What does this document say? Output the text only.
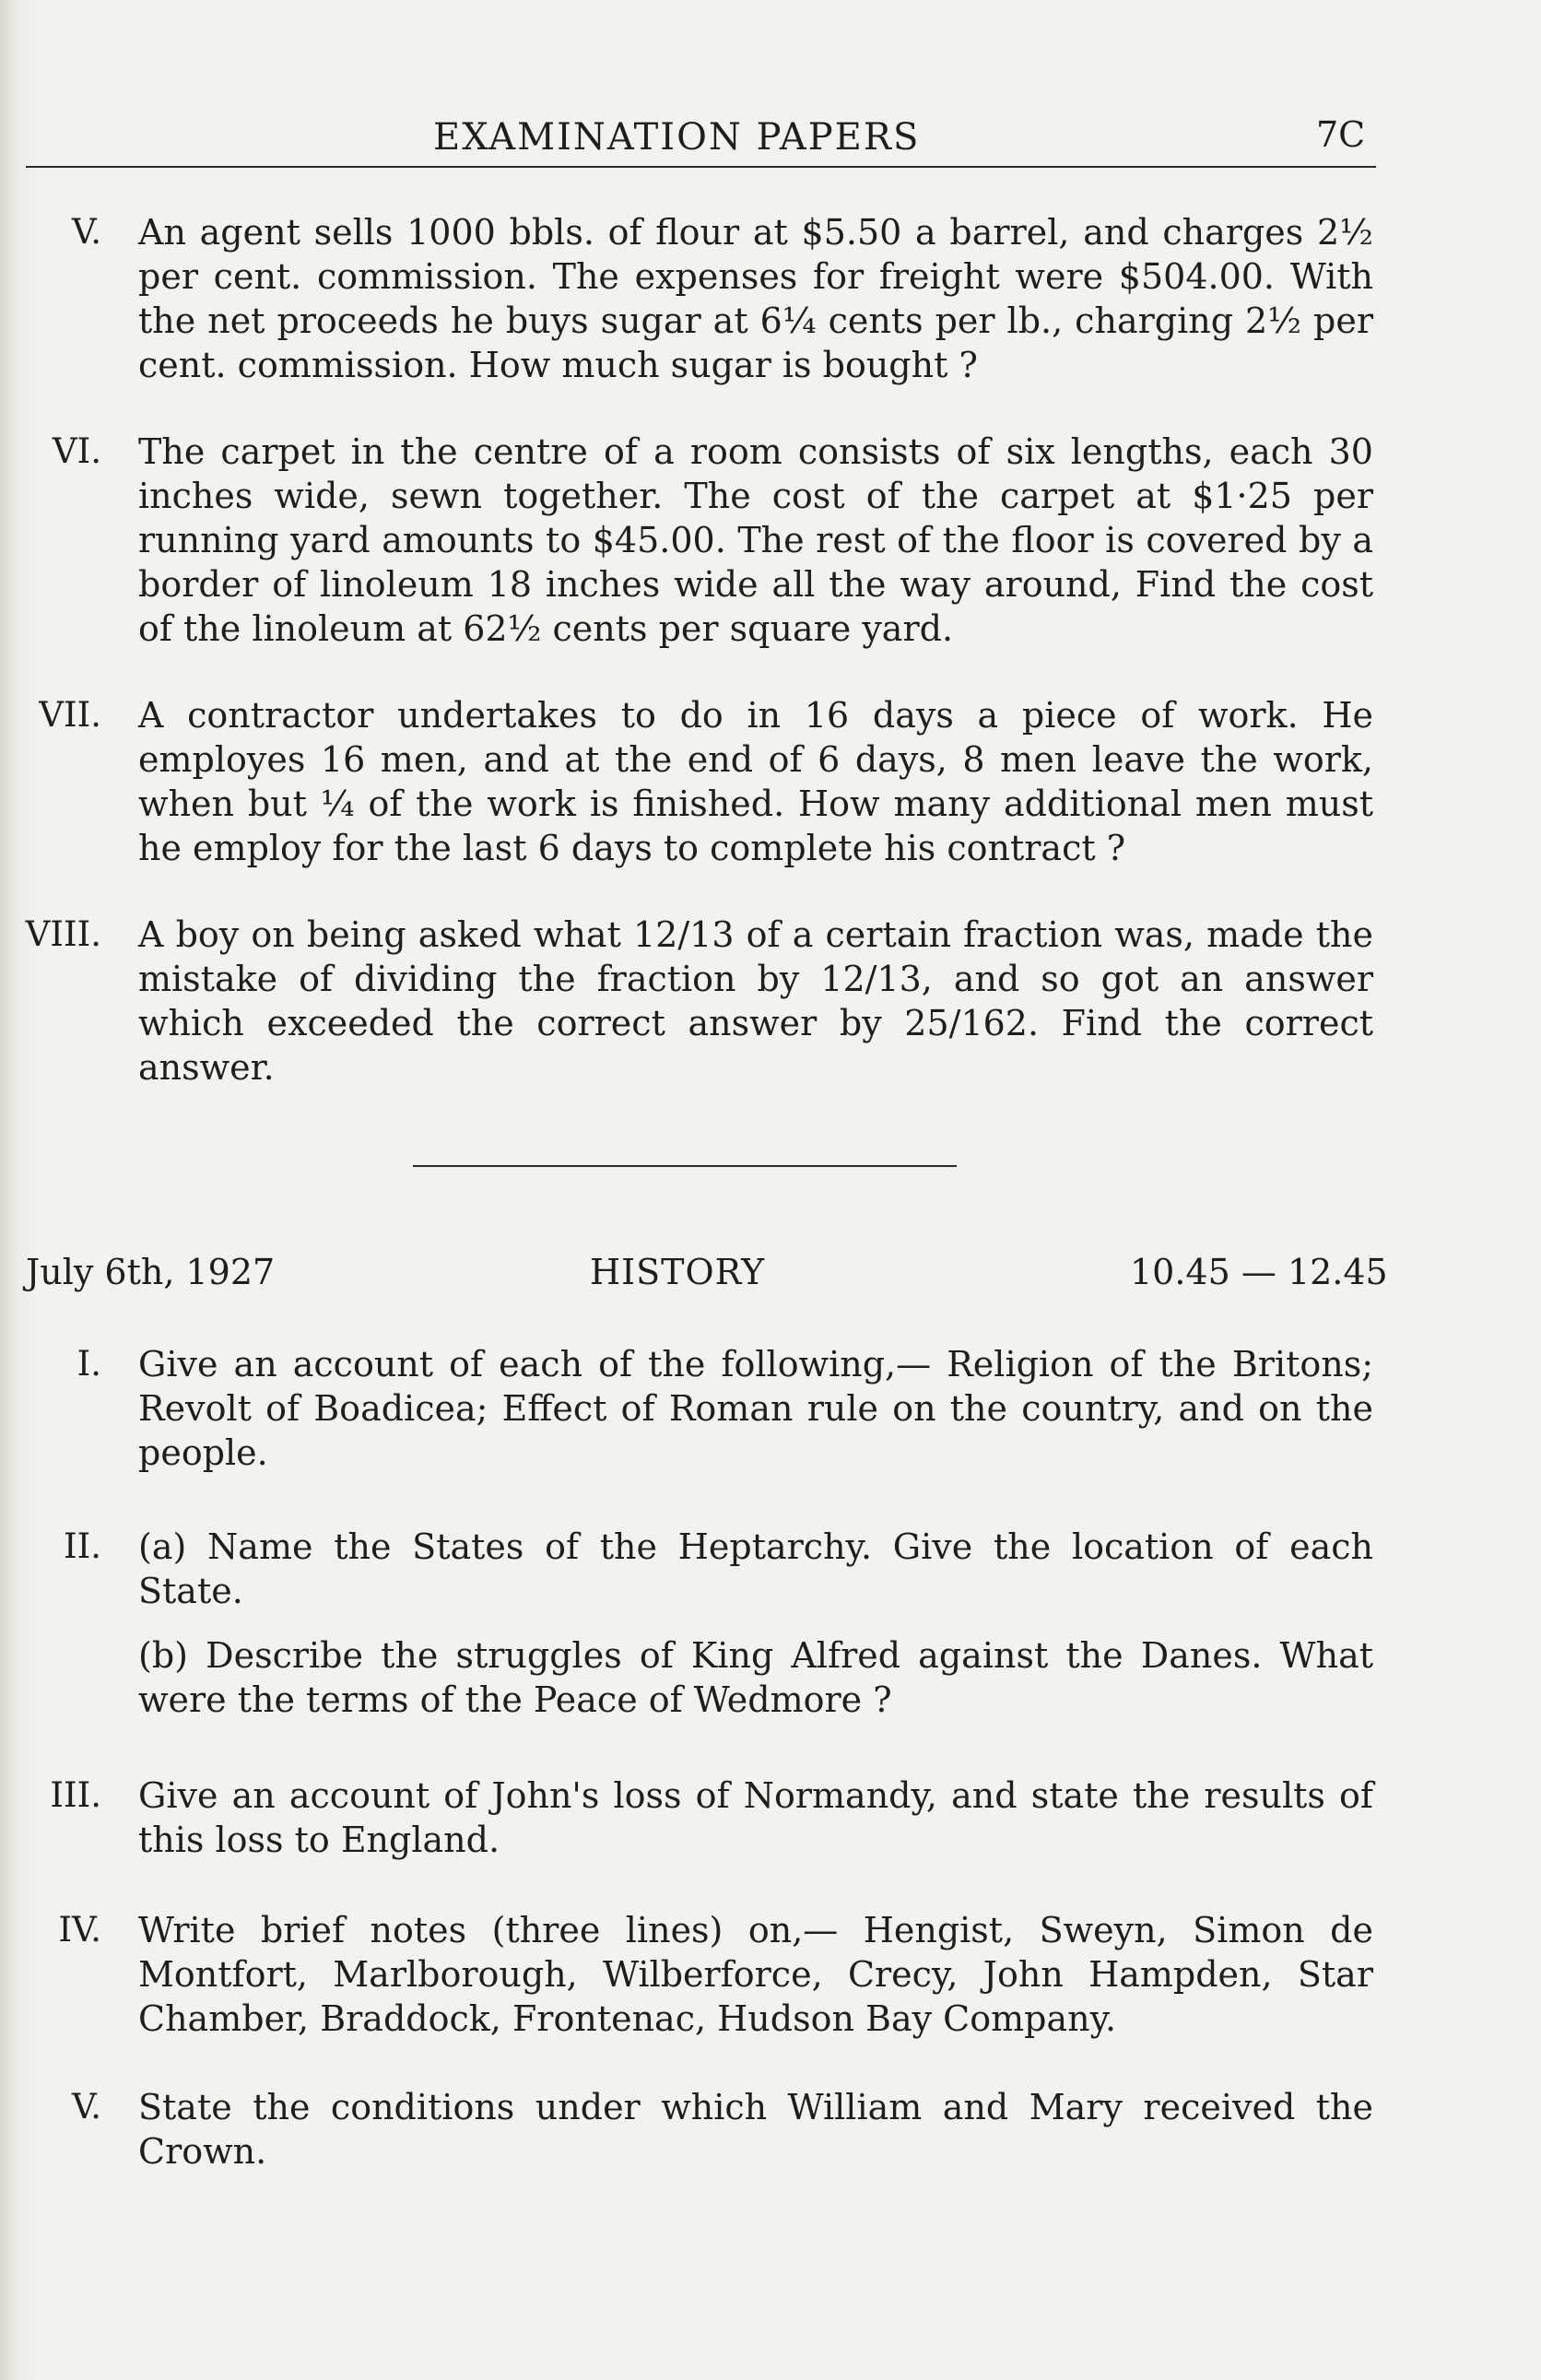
EXAMINATION PAPERS	7C
V. An agent sells 1000 bbls. of flour at $5.50 a barrel, and charges 2½ per cent. commission. The expenses for freight were $504.00. With the net proceeds he buys sugar at 6¼ cents per lb., charging 2½ per cent. commission. How much sugar is bought ?
VI. The carpet in the centre of a room consists of six lengths, each 30 inches wide, sewn together. The cost of the carpet at $1·25 per running yard amounts to $45.00. The rest of the floor is covered by a border of linoleum 18 inches wide all the way around, Find the cost of the linoleum at 62½ cents per square yard.
VII. A contractor undertakes to do in 16 days a piece of work. He employes 16 men, and at the end of 6 days, 8 men leave the work, when but ¼ of the work is finished. How many additional men must he employ for the last 6 days to complete his contract ?
VIII. A boy on being asked what 12/13 of a certain fraction was, made the mistake of dividing the fraction by 12/13, and so got an answer which exceeded the correct answer by 25/162. Find the correct answer.
July 6th, 1927	HISTORY	10.45 — 12.45
I. Give an account of each of the following,— Religion of the Britons; Revolt of Boadicea; Effect of Roman rule on the country, and on the people.
II. (a) Name the States of the Heptarchy. Give the location of each State.

(b) Describe the struggles of King Alfred against the Danes. What were the terms of the Peace of Wedmore ?

III. Give an account of John's loss of Normandy, and state the results of this loss to England.
IV. Write brief notes (three lines) on,— Hengist, Sweyn, Simon de Montfort, Marlborough, Wilberforce, Crecy, John Hampden, Star Chamber, Braddock, Frontenac, Hudson Bay Company.
V. State the conditions under which William and Mary received the Crown.
